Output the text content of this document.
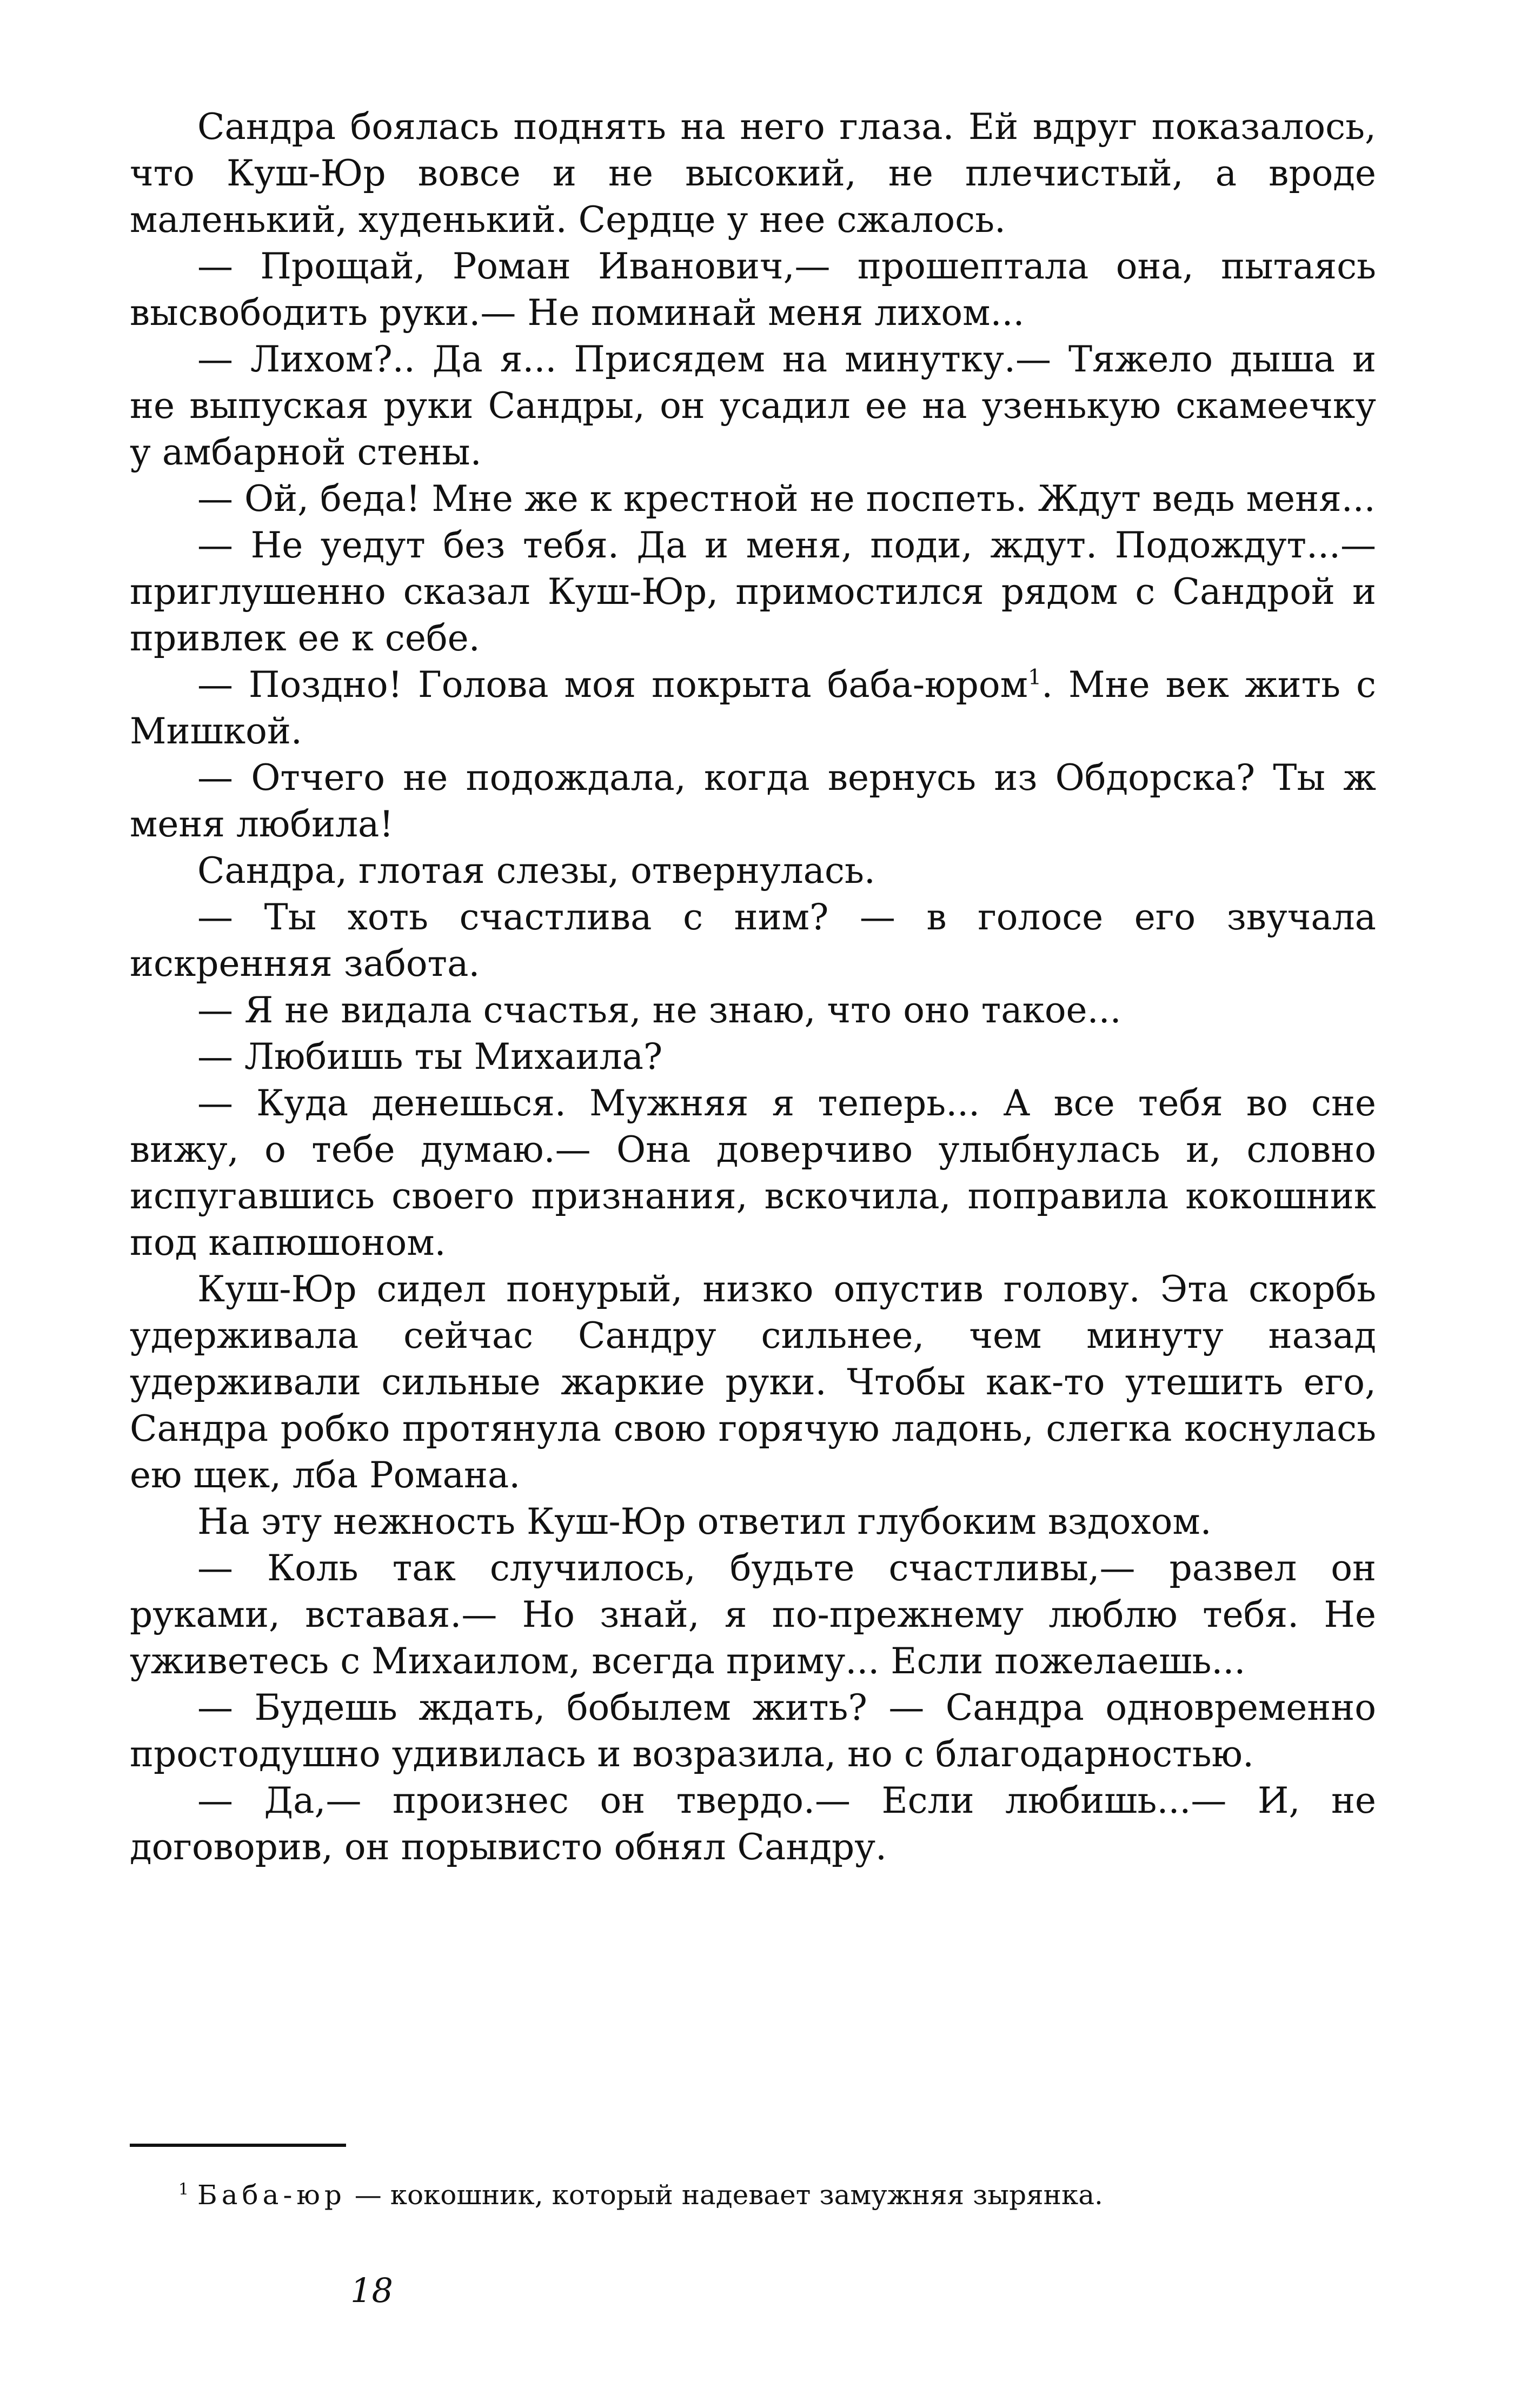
Сандра боялась поднять на него глаза. Ей вдруг показалось, что Куш-Юр вовсе и не высокий, не плечистый, а вроде маленький, худенький. Сердце у нее сжалось.

— Прощай, Роман Иванович,— прошептала она, пытаясь высвободить руки.— Не поминай меня лихом...

— Лихом?.. Да я... Присядем на минутку.— Тяжело дыша и не выпуская руки Сандры, он усадил ее на узенькую скамеечку у амбарной стены.

— Ой, беда! Мне же к крестной не поспеть. Ждут ведь меня...

— Не уедут без тебя. Да и меня, поди, ждут. Подождут...— приглушенно сказал Куш-Юр, примостился рядом с Сандрой и привлек ее к себе.

— Поздно! Голова моя покрыта баба-юром$^1$. Мне век жить с Мишкой.

— Отчего не подождала, когда вернусь из Обдорска? Ты ж меня любила!

Сандра, глотая слезы, отвернулась.

— Ты хоть счастлива с ним? — в голосе его звучала искренняя забота.

— Я не видала счастья, не знаю, что оно такое...

— Любишь ты Михаила?

— Куда денешься. Мужняя я теперь... А все тебя во сне вижу, о тебе думаю.— Она доверчиво улыбнулась и, словно испугавшись своего признания, вскочила, поправила кокошник под капюшоном.

Куш-Юр сидел понурый, низко опустив голову. Эта скорбь удерживала сейчас Сандру сильнее, чем минуту назад удерживали сильные жаркие руки. Чтобы как-то утешить его, Сандра робко протянула свою горячую ладонь, слегка коснулась ею щек, лба Романа.

На эту нежность Куш-Юр ответил глубоким вздохом.

— Коль так случилось, будьте счастливы,— развел он руками, вставая.— Но знай, я по-прежнему люблю тебя. Не уживетесь с Михаилом, всегда приму... Если пожелаешь...

— Будешь ждать, бобылем жить? — Сандра одновременно простодушно удивилась и возразила, но с благодарностью.

— Да,— произнес он твердо.— Если любишь...— И, не договорив, он порывисто обнял Сандру.

$^1$ Баба-юр — кокошник, который надевает замужняя зырянка.

18
